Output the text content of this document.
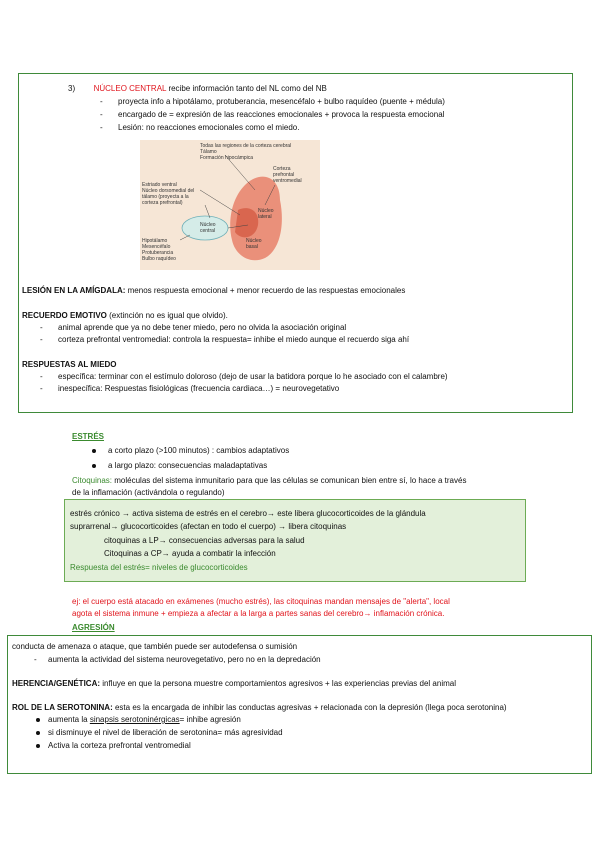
3) NÚCLEO CENTRAL recibe información tanto del NL como del NB
- proyecta info a hipotálamo, protuberancia, mesencéfalo + bulbo raquídeo (puente + médula)
- encargado de = expresión de las reacciones emocionales + provoca la respuesta emocional
- Lesión: no reacciones emocionales como el miedo.
Todas las regiones de la corteza cerebral
Tálamo
Formación hipocámpica
Corteza
prefrontal
ventromedial
Estriado ventral
Núcleo dorsomedial del
tálamo (proyecta a la
corteza prefrontal)
Núcleo
lateral
Núcleo
central
Núcleo
basal
Hipotálamo
Mesencéfalo
Protuberancia
Bulbo raquídeo
LESIÓN EN LA AMÍGDALA: menos respuesta emocional + menor recuerdo de las respuestas emocionales
RECUERDO EMOTIVO (extinción no es igual que olvido).
- animal aprende que ya no debe tener miedo, pero no olvida la asociación original
- corteza prefrontal ventromedial: controla la respuesta= inhibe el miedo aunque el recuerdo siga ahí
RESPUESTAS AL MIEDO
- específica: terminar con el estímulo doloroso (dejo de usar la batidora porque lo he asociado con el calambre)
- inespecífica: Respuestas fisiológicas (frecuencia cardiaca…) = neurovegetativo
ESTRÉS
a corto plazo (>100 minutos) : cambios adaptativos
a largo plazo: consecuencias maladaptativas
Citoquinas: moléculas del sistema inmunitario para que las células se comunican bien entre sí, lo hace a través
de la inflamación (activándola o regulando)
estrés crónico → activa sistema de estrés en el cerebro→ este libera glucocorticoides de la glándula
suprarrenal→ glucocorticoides (afectan en todo el cuerpo) → libera citoquinas
citoquinas a LP→ consecuencias adversas para la salud
Citoquinas a CP→ ayuda a combatir la infección
Respuesta del estrés= niveles de glucocorticoides
ej: el cuerpo está atacado en exámenes (mucho estrés), las citoquinas mandan mensajes de "alerta", local
agota el sistema inmune + empieza a afectar a la larga a partes sanas del cerebro→ inflamación crónica.
AGRESIÓN
conducta de amenaza o ataque, que también puede ser autodefensa o sumisión
- aumenta la actividad del sistema neurovegetativo, pero no en la depredación
HERENCIA/GENÉTICA: influye en que la persona muestre comportamientos agresivos + las experiencias previas del animal
ROL DE LA SEROTONINA: esta es la encargada de inhibir las conductas agresivas + relacionada con la depresión (llega poca serotonina)
aumenta la sinapsis serotoninérgicas= inhibe agresión
si disminuye el nivel de liberación de serotonina= más agresividad
Activa la corteza prefrontal ventromedial
